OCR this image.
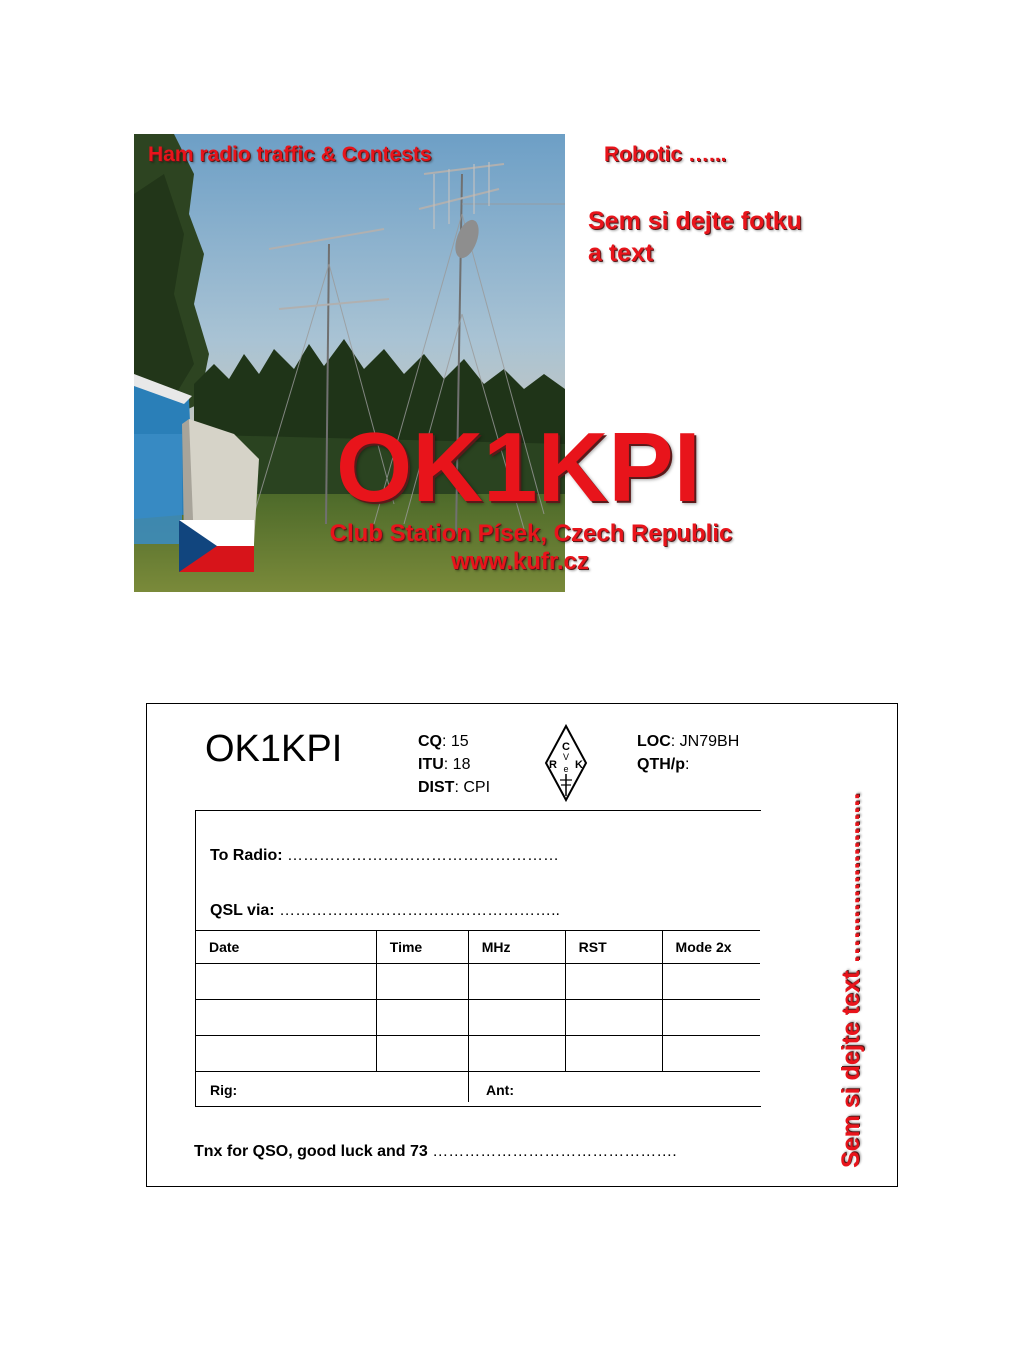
Ham radio traffic & Contests	Robotic …...
Sem si dejte fotku
a text
OK1KPI
Club Station Písek, Czech Republic
www.kufr.cz
OK1KPI	CQ: 15
ITU: 18
DIST: CPI
C
V
R K
e
LOC: JN79BH
QTH/p:
To Radio: ……………………………………………
QSL via: ……………………………………………..
Date	Time	MHz	RST	Mode 2x

Rig:	Ant:
Tnx for QSO, good luck and 73 ……………………………………….	Sem si dejte text ….....................
